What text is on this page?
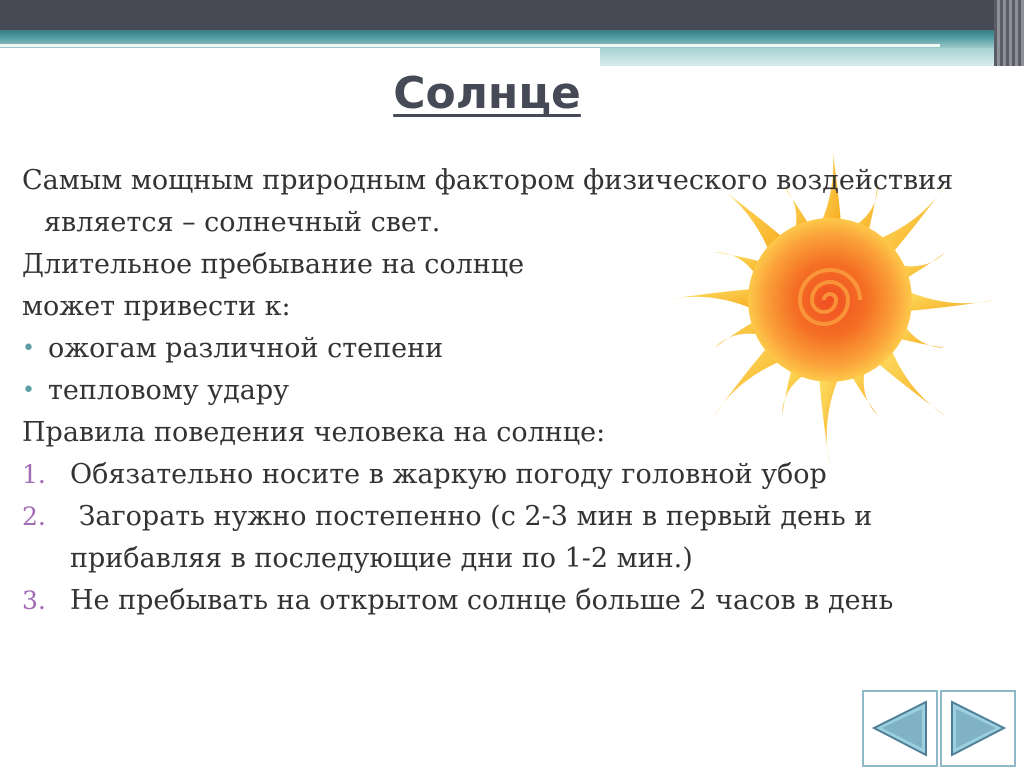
Солнце

Самым мощным природным фактором физического воздействия является – солнечный свет.

Длительное пребывание на солнце

может привести к:

• ожогам различной степени
• тепловому удару

Правила поведения человека на солнце:

1. Обязательно носите в жаркую погоду головной убор
2. Загорать нужно постепенно (с 2-3 мин в первый день и прибавляя в последующие дни по 1-2 мин.)
3. Не пребывать на открытом солнце больше 2 часов в день
